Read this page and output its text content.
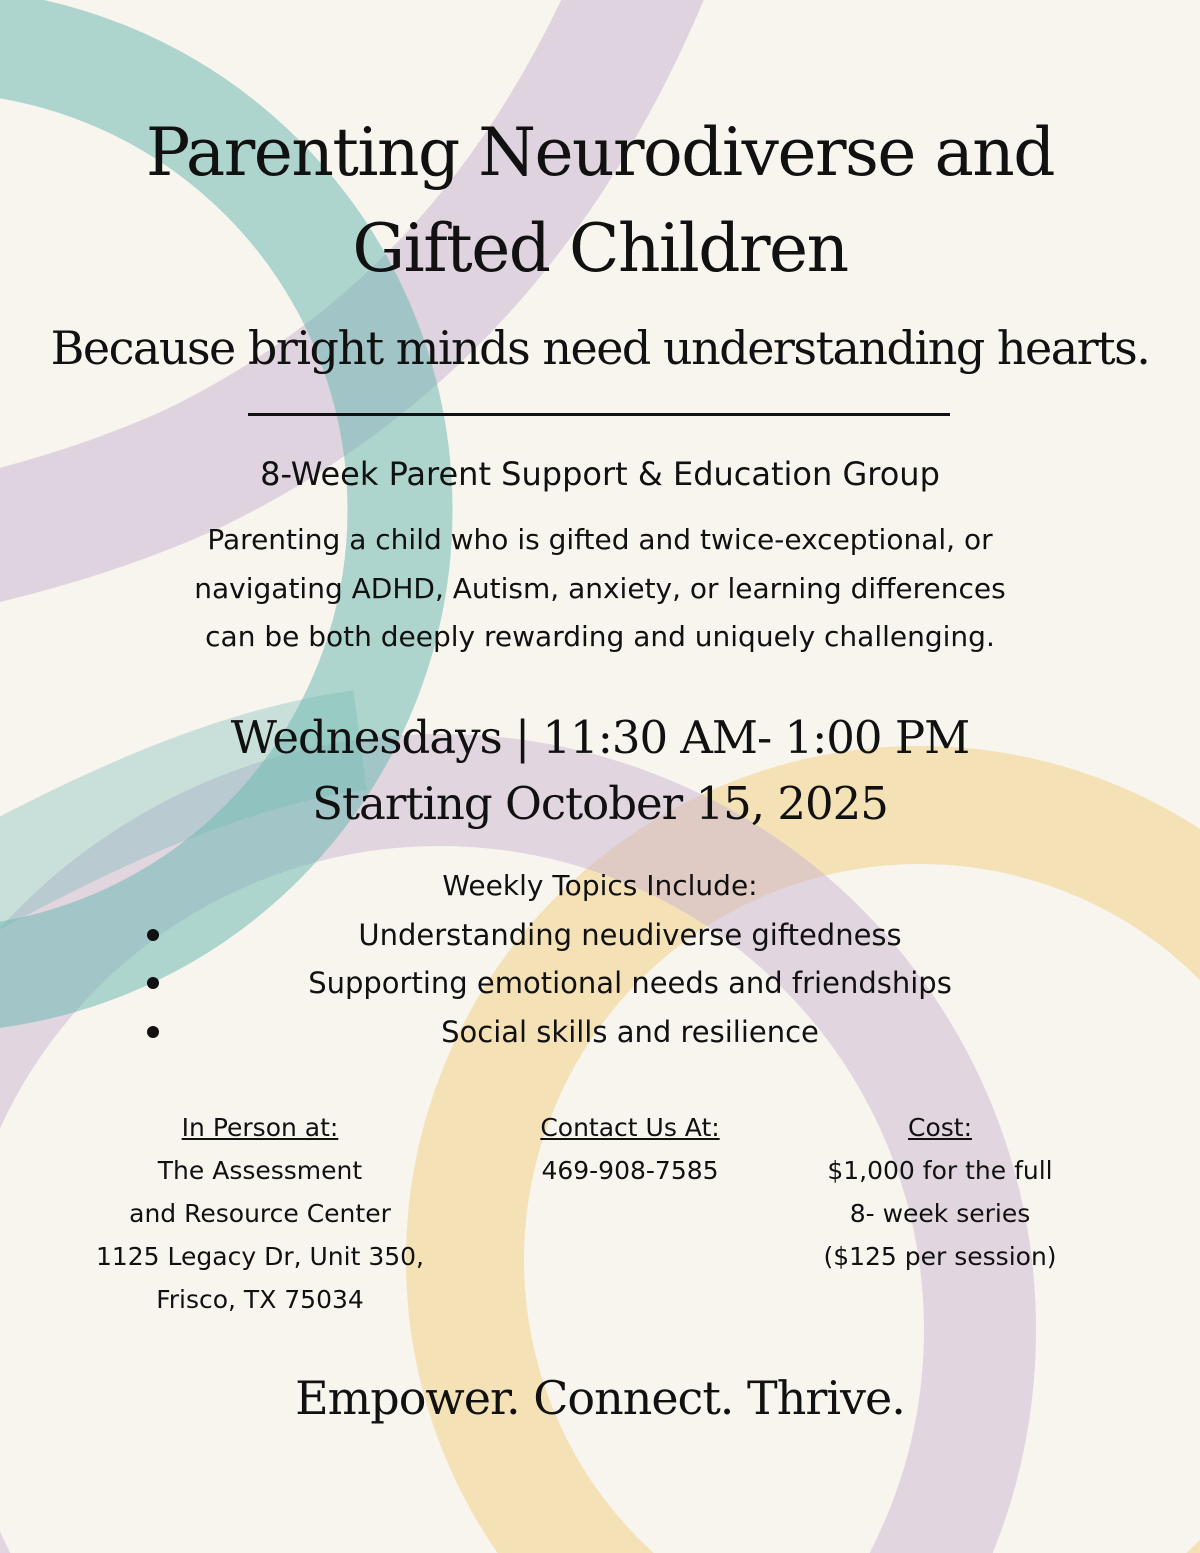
Parenting Neurodiverse and
Gifted Children

Because bright minds need understanding hearts.

8-Week Parent Support & Education Group

Parenting a child who is gifted and twice-exceptional, or
navigating ADHD, Autism, anxiety, or learning differences
can be both deeply rewarding and uniquely challenging.

Wednesdays | 11:30 AM- 1:00 PM
Starting October 15, 2025

Weekly Topics Include:

Understanding neudiverse giftedness
Supporting emotional needs and friendships
Social skills and resilience
In Person at:
The Assessment
and Resource Center
1125 Legacy Dr, Unit 350,
Frisco, TX 75034
Contact Us At:
469-908-7585
Cost:
$1,000 for the full
8- week series
($125 per session)

Empower. Connect. Thrive.
